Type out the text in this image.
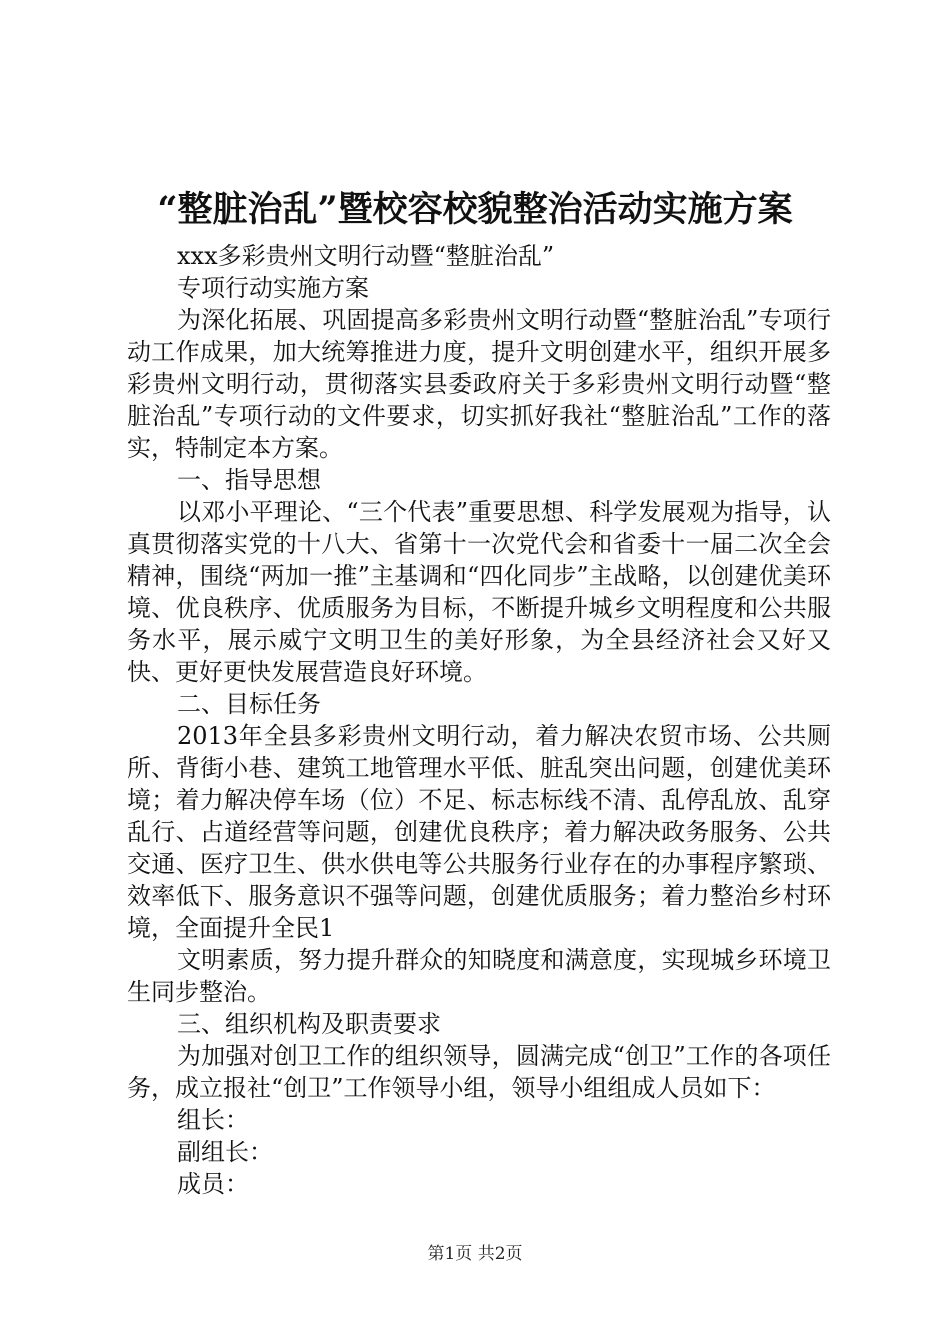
“整脏治乱”暨校容校貌整治活动实施方案

xxx多彩贵州文明行动暨“整脏治乱”

专项行动实施方案

为深化拓展、巩固提高多彩贵州文明行动暨“整脏治乱”专项行动工作成果，加大统筹推进力度，提升文明创建水平，组织开展多彩贵州文明行动，贯彻落实县委政府关于多彩贵州文明行动暨“整脏治乱”专项行动的文件要求，切实抓好我社“整脏治乱”工作的落实，特制定本方案。

一、指导思想

以邓小平理论、“三个代表”重要思想、科学发展观为指导，认真贯彻落实党的十八大、省第十一次党代会和省委十一届二次全会精神，围绕“两加一推”主基调和“四化同步”主战略，以创建优美环境、优良秩序、优质服务为目标，不断提升城乡文明程度和公共服务水平，展示威宁文明卫生的美好形象，为全县经济社会又好又快、更好更快发展营造良好环境。

二、目标任务

2013年全县多彩贵州文明行动，着力解决农贸市场、公共厕所、背街小巷、建筑工地管理水平低、脏乱突出问题，创建优美环境；着力解决停车场（位）不足、标志标线不清、乱停乱放、乱穿乱行、占道经营等问题，创建优良秩序；着力解决政务服务、公共交通、医疗卫生、供水供电等公共服务行业存在的办事程序繁琐、效率低下、服务意识不强等问题，创建优质服务；着力整治乡村环境，全面提升全民1

文明素质，努力提升群众的知晓度和满意度，实现城乡环境卫生同步整治。

三、组织机构及职责要求

为加强对创卫工作的组织领导，圆满完成“创卫”工作的各项任务，成立报社“创卫”工作领导小组，领导小组组成人员如下：

组长：

副组长：

成员：

第1页 共2页
